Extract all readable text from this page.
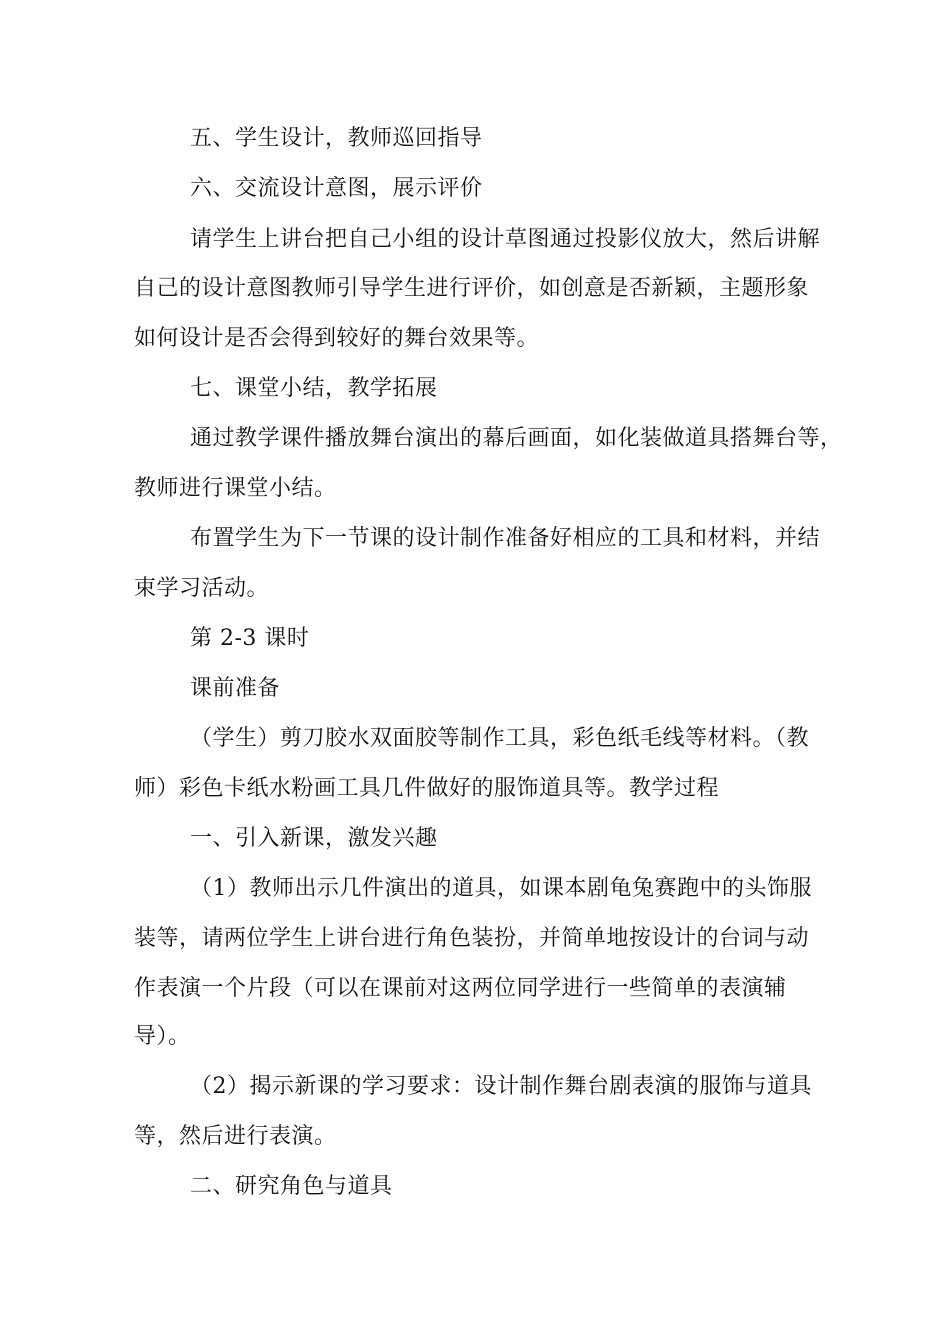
五、学生设计，教师巡回指导
六、交流设计意图，展示评价
请学生上讲台把自己小组的设计草图通过投影仪放大，然后讲解
自己的设计意图教师引导学生进行评价，如创意是否新颖，主题形象
如何设计是否会得到较好的舞台效果等。
七、课堂小结，教学拓展
通过教学课件播放舞台演出的幕后画面，如化装做道具搭舞台等，
教师进行课堂小结。
布置学生为下一节课的设计制作准备好相应的工具和材料，并结
束学习活动。
第 2-3 课时
课前准备
（学生）剪刀胶水双面胶等制作工具，彩色纸毛线等材料。（教
师）彩色卡纸水粉画工具几件做好的服饰道具等。教学过程
一、引入新课，激发兴趣
（1）教师出示几件演出的道具，如课本剧龟兔赛跑中的头饰服
装等，请两位学生上讲台进行角色装扮，并简单地按设计的台词与动
作表演一个片段（可以在课前对这两位同学进行一些简单的表演辅
导）。
（2）揭示新课的学习要求：设计制作舞台剧表演的服饰与道具
等，然后进行表演。
二、研究角色与道具
